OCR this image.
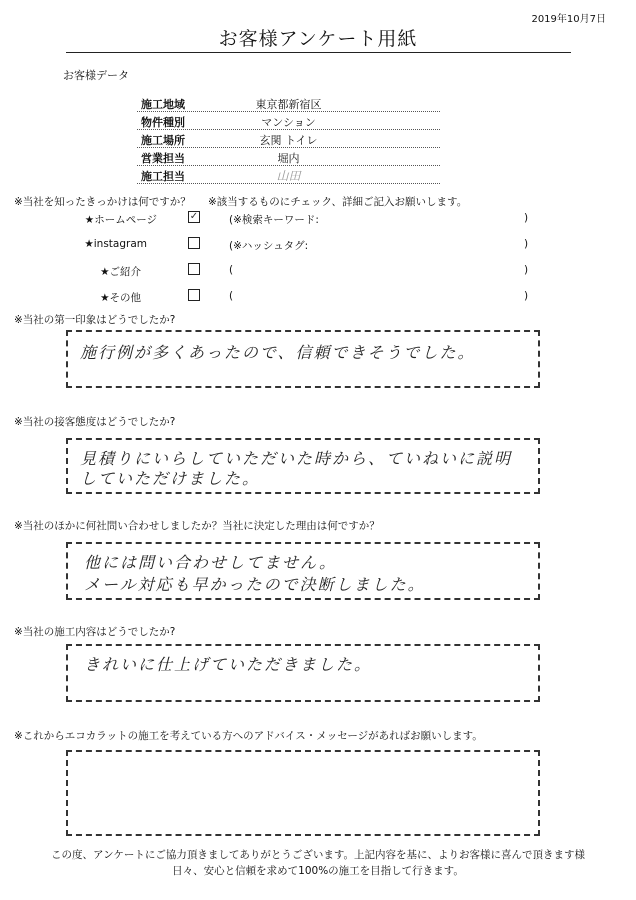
2019年10月7日
お客様アンケート用紙
お客様データ
施工地域	東京都新宿区
物件種別	マンション
施工場所	玄関 トイレ
営業担当	堀内
施工担当	山田
※当社を知ったきっかけは何ですか？ ※該当するものにチェック、詳細ご記入お願いします。
★ホームページ	✓	(※検索キーワード:	)
★instagram	(※ハッシュタグ:	)
★ご紹介	(	)
★その他	(	)
※当社の第一印象はどうでしたか?
施行例が多くあったので、信頼できそうでした。
※当社の接客態度はどうでしたか?
見積りにいらしていただいた時から、ていねいに説明
していただけました。
※当社のほかに何社問い合わせしましたか？当社に決定した理由は何ですか？
他には問い合わせしてません。
メール対応も早かったので決断しました。
※当社の施工内容はどうでしたか?
きれいに仕上げていただきました。
※これからエコカラットの施工を考えている方へのアドバイス・メッセージがあればお願いします。
この度、アンケートにご協力頂きましてありがとうございます。上記内容を基に、よりお客様に喜んで頂きます様
日々、安心と信頼を求めて100%の施工を目指して行きます。
